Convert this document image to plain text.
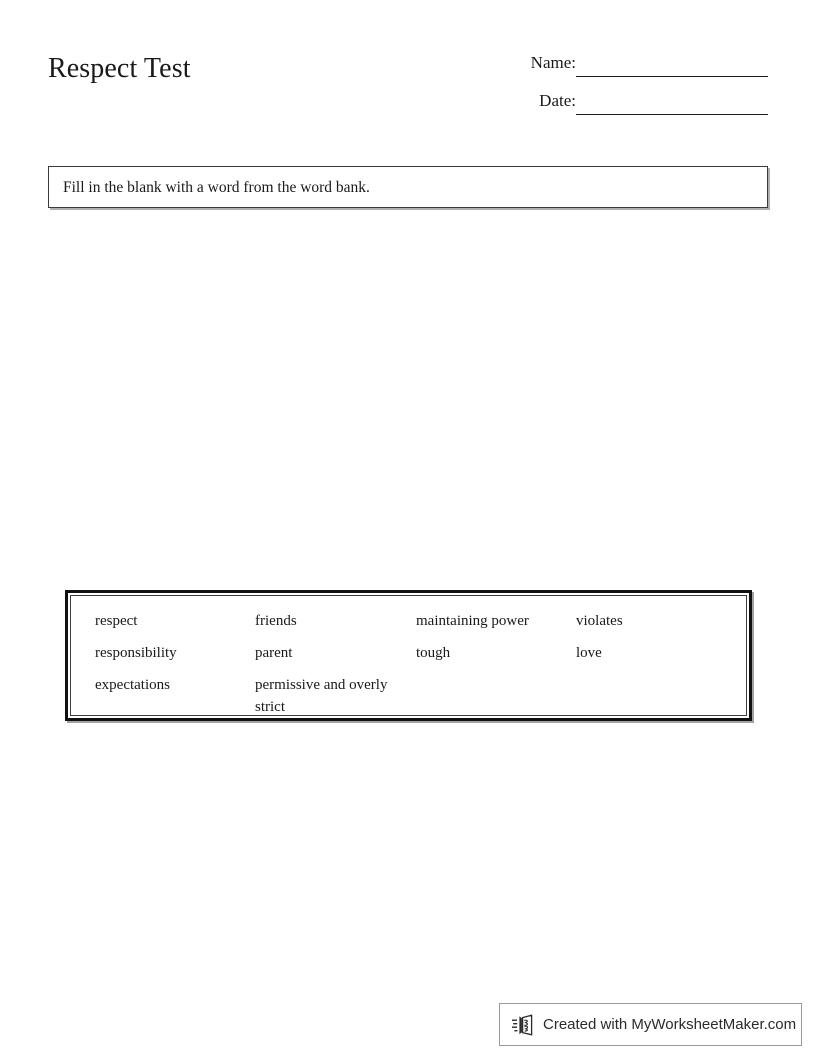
Respect Test	Name:
Date:
Fill in the blank with a word from the word bank.
respect	friends	maintaining power	violates
responsibility	parent	tough	love
expectations	permissive and overly strict
Created with MyWorksheetMaker.com
